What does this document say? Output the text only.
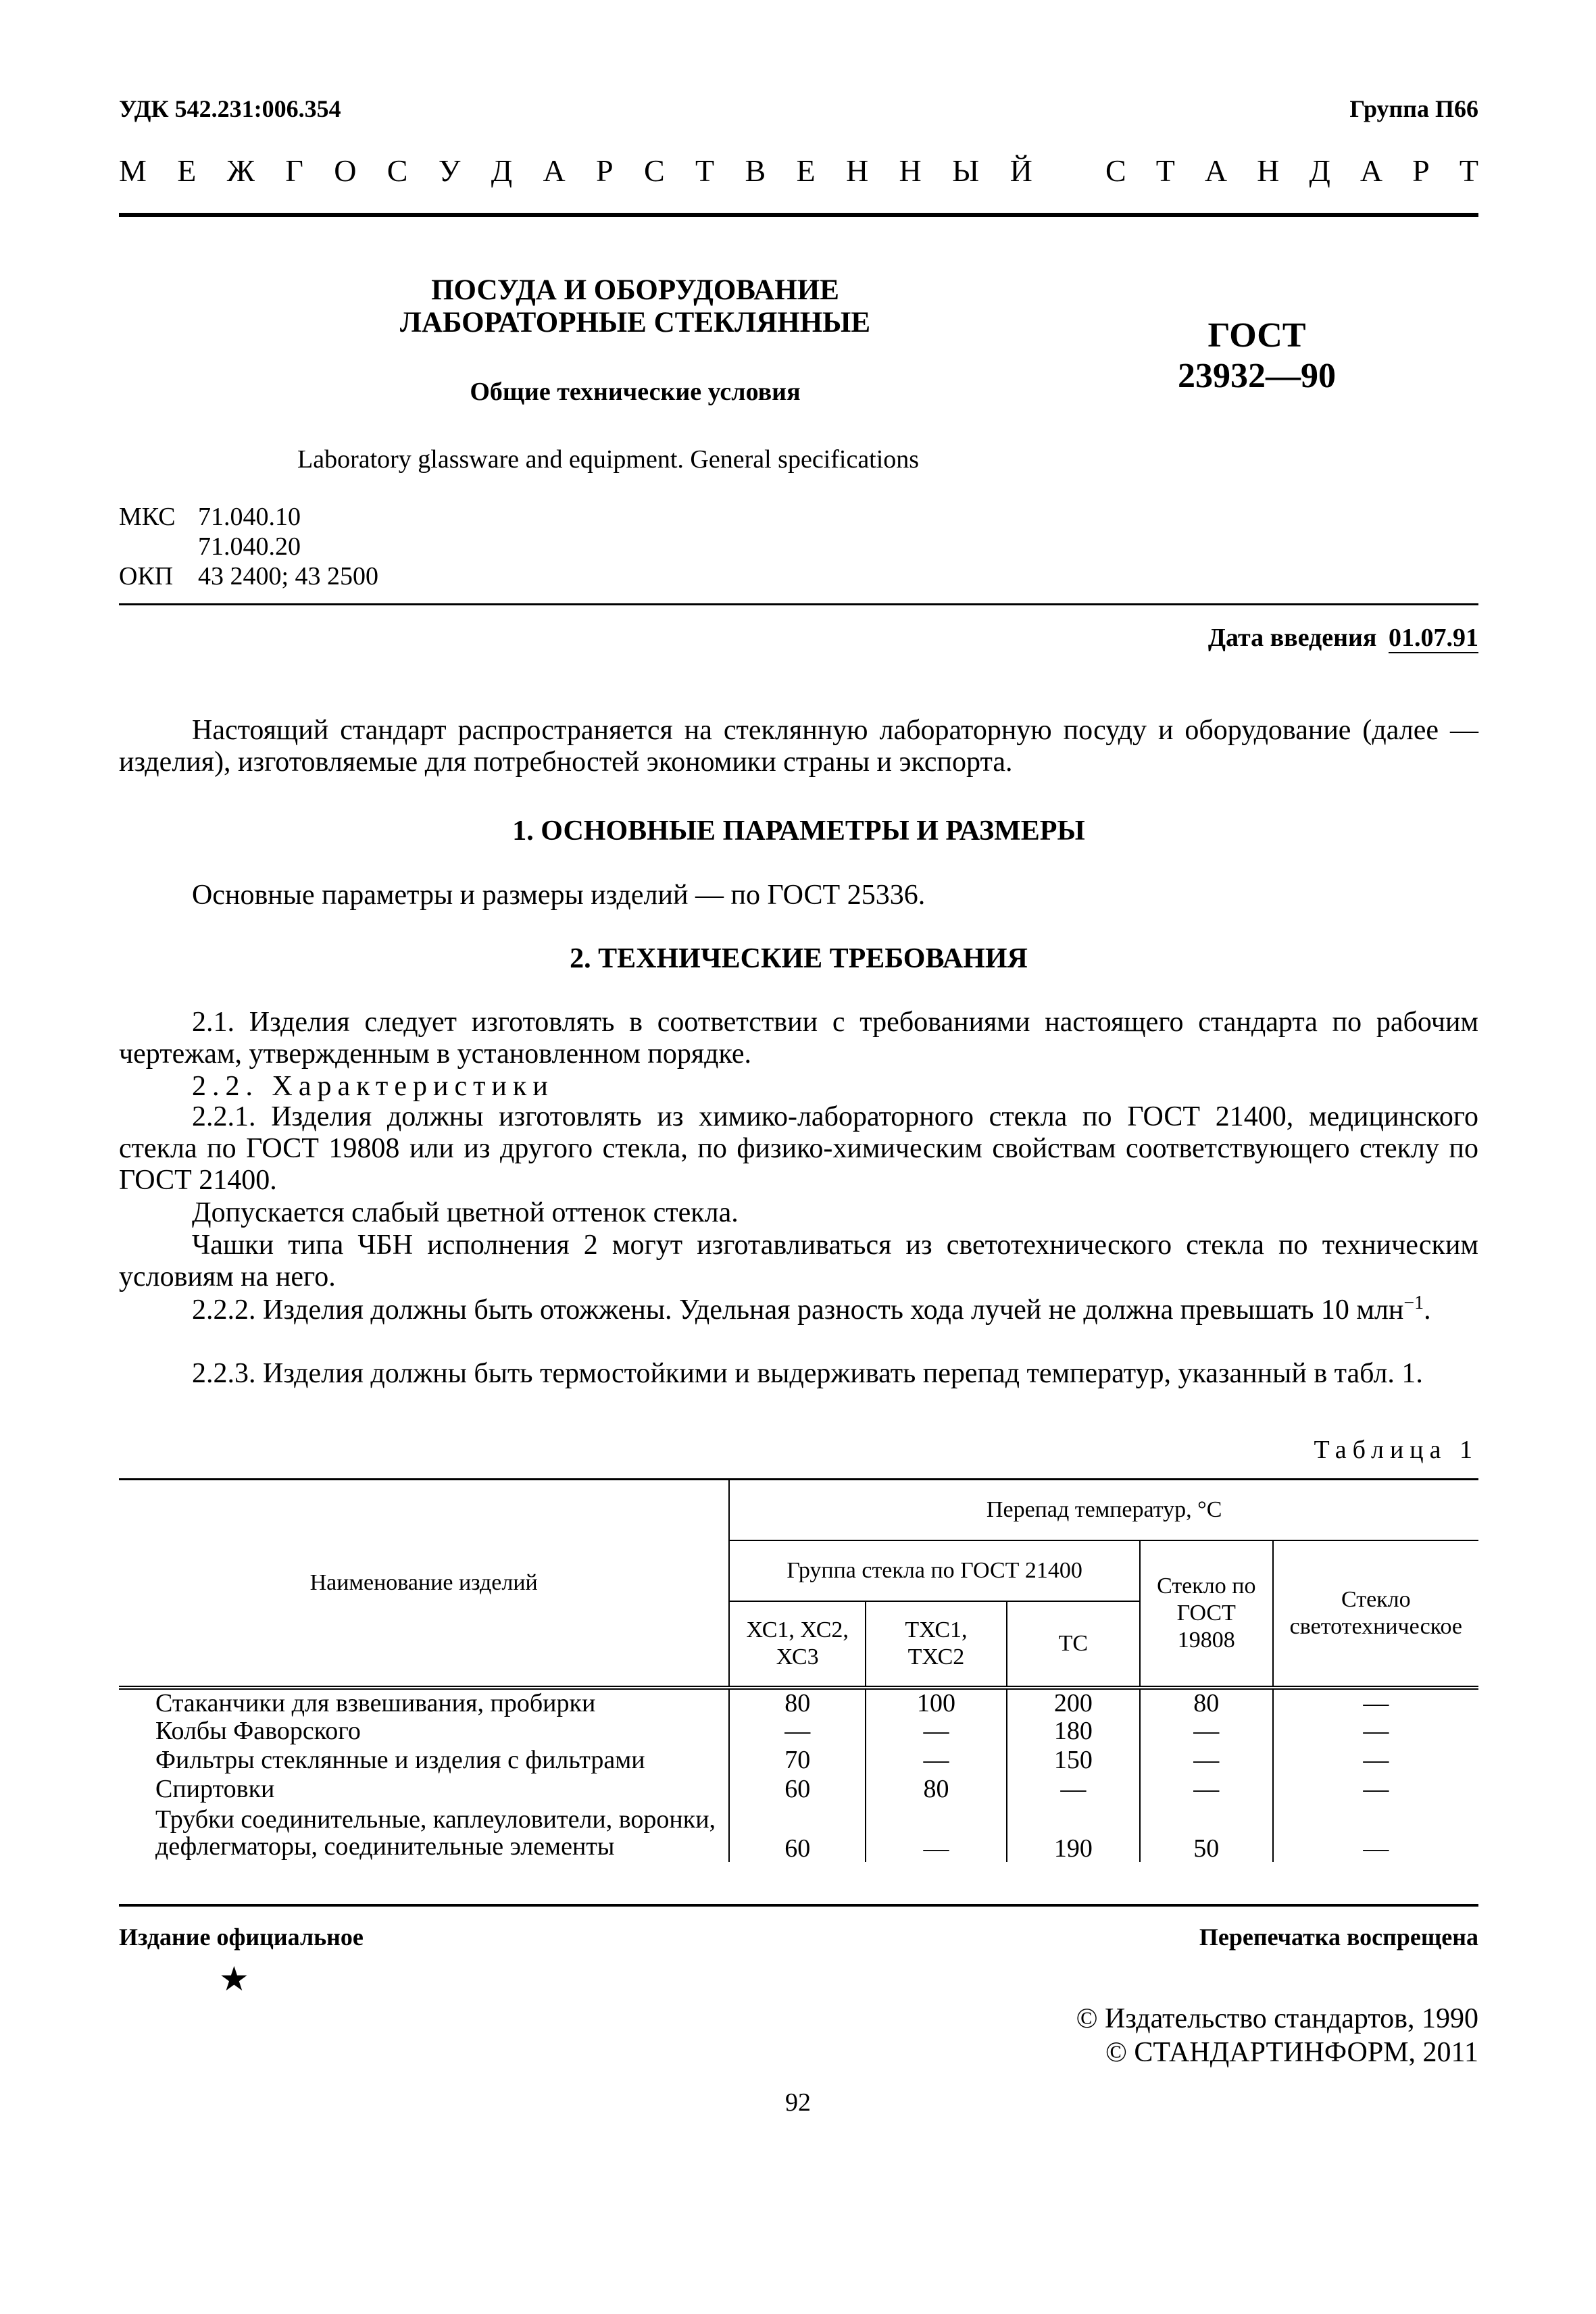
УДК 542.231:006.354	Группа П66
М Е Ж Г О С У Д А Р С Т В Е Н Н Ы Й С Т А Н Д А Р Т
ПОСУДА И ОБОРУДОВАНИЕ
ЛАБОРАТОРНЫЕ СТЕКЛЯННЫЕ
Общие технические условия
ГОСТ
23932—90
Laboratory glassware and equipment. General specifications
МКС 71.040.10
71.040.20
ОКП 43 2400; 43 2500
Дата введения 01.07.91
Настоящий стандарт распространяется на стеклянную лабораторную посуду и оборудование (далее — изделия), изготовляемые для потребностей экономики страны и экспорта.
1. ОСНОВНЫЕ ПАРАМЕТРЫ И РАЗМЕРЫ
Основные параметры и размеры изделий — по ГОСТ 25336.
2. ТЕХНИЧЕСКИЕ ТРЕБОВАНИЯ
2.1. Изделия следует изготовлять в соответствии с требованиями настоящего стандарта по рабочим чертежам, утвержденным в установленном порядке.
2.2. Характеристики
2.2.1. Изделия должны изготовлять из химико-лабораторного стекла по ГОСТ 21400, медицинского стекла по ГОСТ 19808 или из другого стекла, по физико-химическим свойствам соответствующего стеклу по ГОСТ 21400.
Допускается слабый цветной оттенок стекла.
Чашки типа ЧБН исполнения 2 могут изготавливаться из светотехнического стекла по техническим условиям на него.
2.2.2. Изделия должны быть отожжены. Удельная разность хода лучей не должна превышать 10 млн$^{-1}$.
2.2.3. Изделия должны быть термостойкими и выдерживать перепад температур, указанный в табл. 1.
Таблица 1
Наименование изделий	Перепад температур, °С				
	Группа стекла по ГОСТ 21400			Стекло по ГОСТ 19808	Стекло светотехническое
	ХС1, ХС2, ХС3	ТХС1, ТХС2	ТС		
Стаканчики для взвешивания, пробирки	80	100	200	80	—
Колбы Фаворского	—	—	180	—	—
Фильтры стеклянные и изделия с фильтрами	70	—	150	—	—
Спиртовки	60	80	—	—	—
Трубки соединительные, каплеуловители, воронки, дефлегматоры, соединительные элементы	60	—	190	50	—
Издание официальное	Перепечатка воспрещена
★
© Издательство стандартов, 1990
© СТАНДАРТИНФОРМ, 2011
92
